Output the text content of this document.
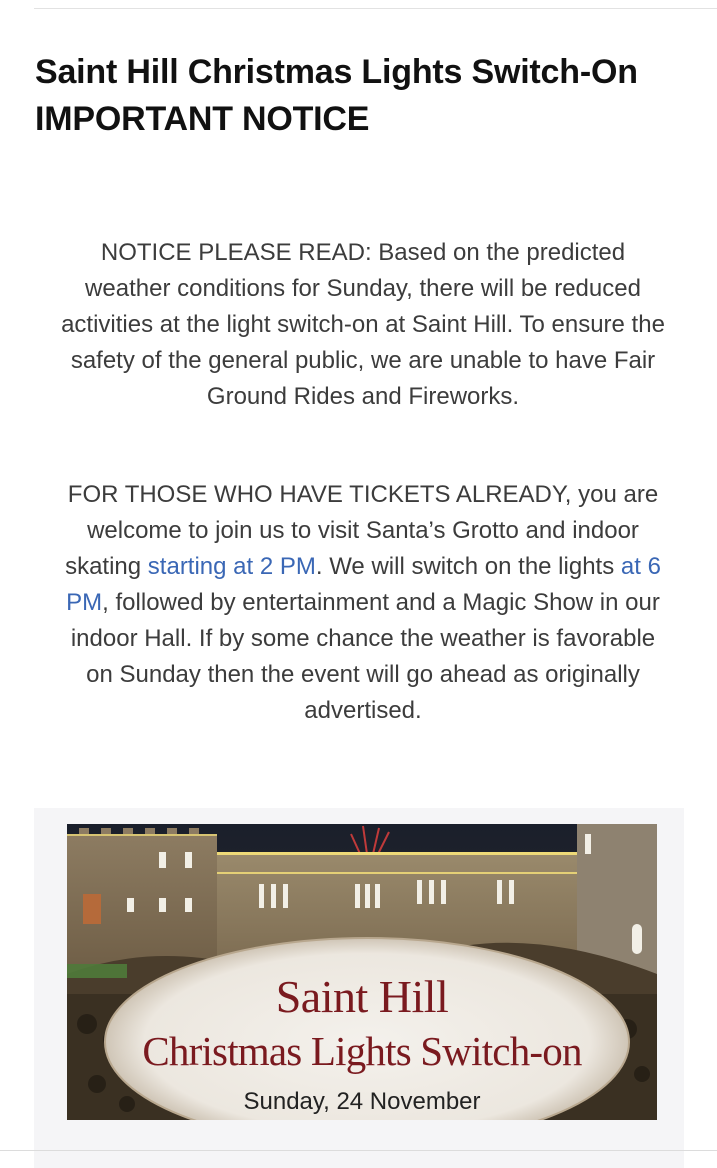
Saint Hill Christmas Lights Switch-On IMPORTANT NOTICE

NOTICE PLEASE READ: Based on the predicted weather conditions for Sunday, there will be reduced activities at the light switch-on at Saint Hill. To ensure the safety of the general public, we are unable to have Fair Ground Rides and Fireworks.

FOR THOSE WHO HAVE TICKETS ALREADY, you are welcome to join us to visit Santa’s Grotto and indoor skating starting at 2 PM. We will switch on the lights at 6 PM, followed by entertainment and a Magic Show in our indoor Hall. If by some chance the weather is favorable on Sunday then the event will go ahead as originally advertised.

Saint Hill
Christmas Lights Switch-on
Sunday, 24 November
